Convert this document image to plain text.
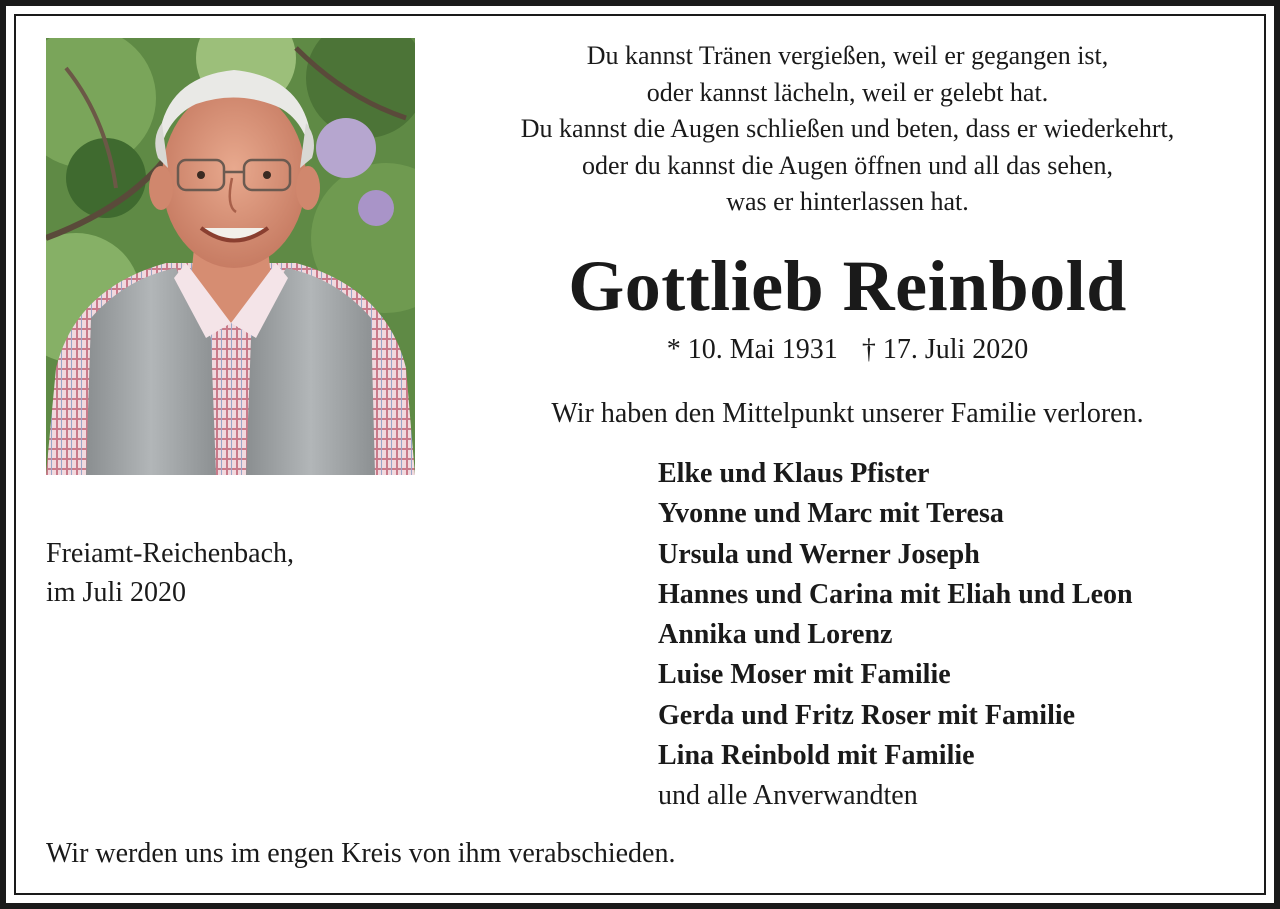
Du kannst Tränen vergießen, weil er gegangen ist,
oder kannst lächeln, weil er gelebt hat.
Du kannst die Augen schließen und beten, dass er wiederkehrt,
oder du kannst die Augen öffnen und all das sehen,
was er hinterlassen hat.
Gottlieb Reinbold
* 10. Mai 1931 † 17. Juli 2020
Wir haben den Mittelpunkt unserer Familie verloren.
Elke und Klaus Pfister
Yvonne und Marc mit Teresa
Ursula und Werner Joseph
Hannes und Carina mit Eliah und Leon
Annika und Lorenz
Luise Moser mit Familie
Gerda und Fritz Roser mit Familie
Lina Reinbold mit Familie
und alle Anverwandten
Freiamt-Reichenbach,
im Juli 2020
Wir werden uns im engen Kreis von ihm verabschieden.
